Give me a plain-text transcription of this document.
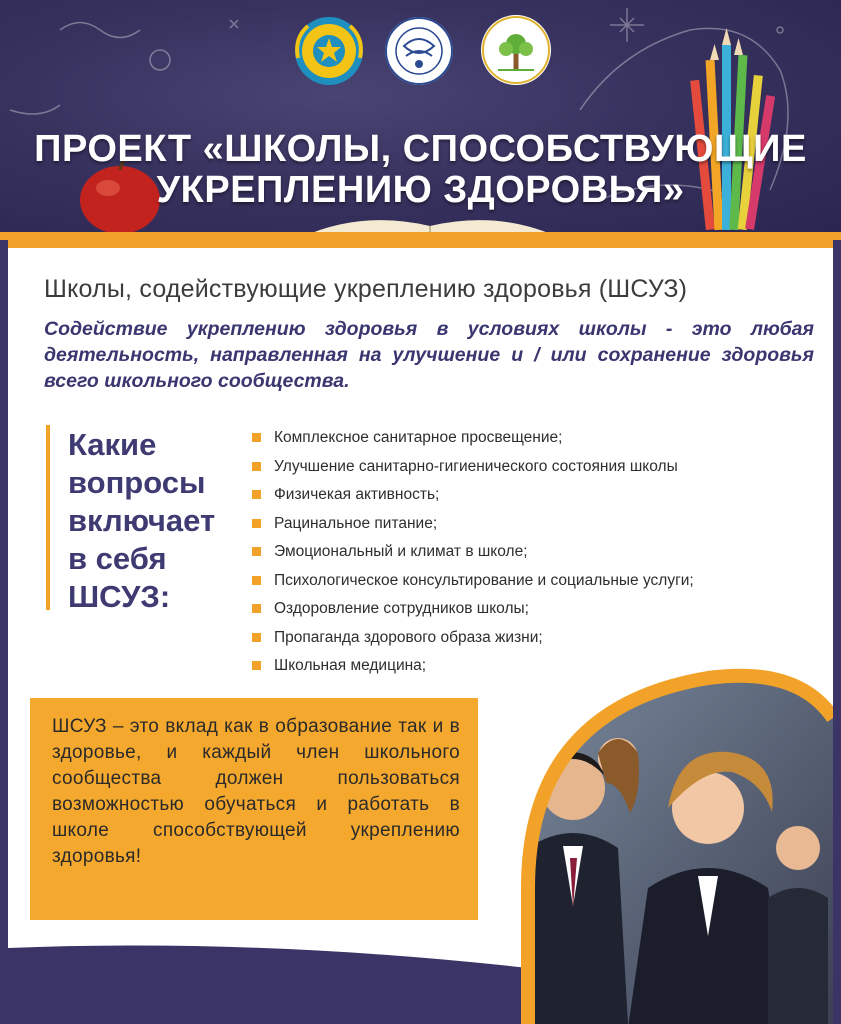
ПРОЕКТ «ШКОЛЫ, СПОСОБСТВУЮЩИЕ
УКРЕПЛЕНИЮ ЗДОРОВЬЯ»
Школы, содействующие укреплению здоровья (ШСУЗ)
Содействие укреплению здоровья в условиях школы - это любая деятельность, направленная на улучшение и / или сохранение здоровья всего школьного сообщества.
Какие
вопросы
включает
в себя
ШСУЗ:
Комплексное санитарное просвещение;
Улучшение санитарно-гигиенического состояния школы
Физичекая активность;
Рацинальное питание;
Эмоциональный и климат в школе;
Психологическое консультирование и социальные услуги;
Оздоровление сотрудников школы;
Пропаганда здорового образа жизни;
Школьная медицина;
ШСУЗ – это вклад как в образование так и в здоровье, и каждый член школьного сообщества должен пользоваться возможностью обучаться и работать в школе способствующей укреплению здоровья!
